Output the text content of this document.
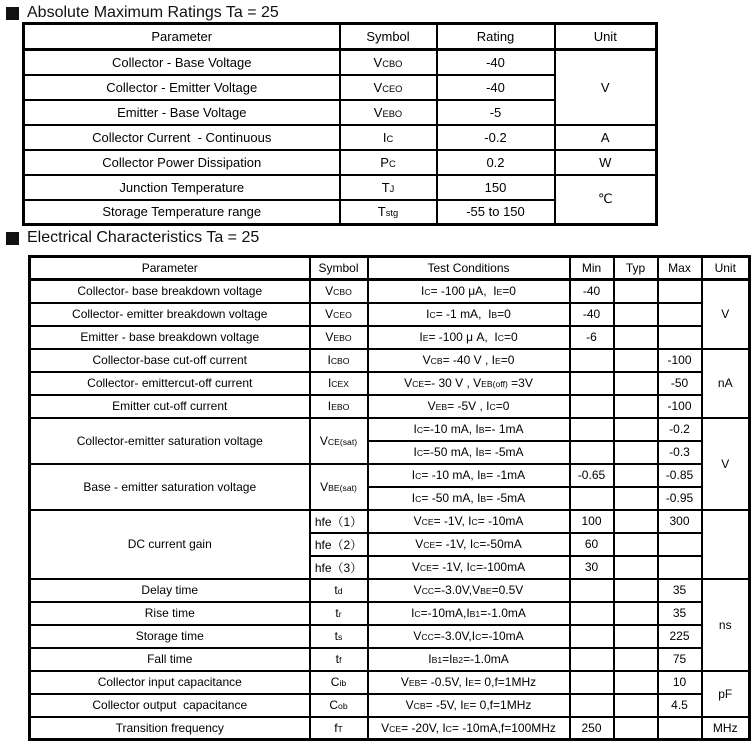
Absolute Maximum Ratings Ta = 25
Parameter	Symbol	Rating	Unit
Collector - Base Voltage	VCBO	-40	V
Collector - Emitter Voltage	VCEO	-40	
Emitter - Base Voltage	VEBO	-5	
Collector Current  - Continuous	IC	-0.2	A
Collector Power Dissipation	PC	0.2	W
Junction Temperature	TJ	150	℃
Storage Temperature range	Tstg	-55 to 150	
Electrical Characteristics Ta = 25
Parameter	Symbol	Test Conditions	Min	Typ	Max	Unit
Collector- base breakdown voltage	VCBO	IC= -100 μA,  IE=0	-40			V
Collector- emitter breakdown voltage	VCEO	IC= -1 mA,  IB=0	-40			
Emitter - base breakdown voltage	VEBO	IE= -100 μ A,  IC=0	-6			
Collector-base cut-off current	ICBO	VCB= -40 V , IE=0			-100	nA
Collector- emittercut-off current	ICEX	VCE=- 30 V , VEB(off) =3V			-50	
Emitter cut-off current	IEBO	VEB= -5V , IC=0			-100	
Collector-emitter saturation voltage	VCE(sat)	IC=-10 mA, IB=- 1mA			-0.2	V
		IC=-50 mA, IB= -5mA			-0.3	
Base - emitter saturation voltage	VBE(sat)	IC= -10 mA, IB= -1mA	-0.65		-0.85	
		IC= -50 mA, IB= -5mA			-0.95	
DC current gain	hfe（1）	VCE= -1V, IC= -10mA	100		300	
	hfe（2）	VCE= -1V, IC=-50mA	60			
	hfe（3）	VCE= -1V, IC=-100mA	30			
Delay time	td	VCC=-3.0V,VBE=0.5V			35	ns
Rise time	tr	IC=-10mA,IB1=-1.0mA			35	
Storage time	ts	VCC=-3.0V,IC=-10mA			225	
Fall time	tf	IB1=IB2=-1.0mA			75	
Collector input capacitance	Cib	VEB= -0.5V, IE= 0,f=1MHz			10	pF
Collector output  capacitance	Cob	VCB= -5V, IE= 0,f=1MHz			4.5	
Transition frequency	fT	VCE= -20V, IC= -10mA,f=100MHz	250			MHz
